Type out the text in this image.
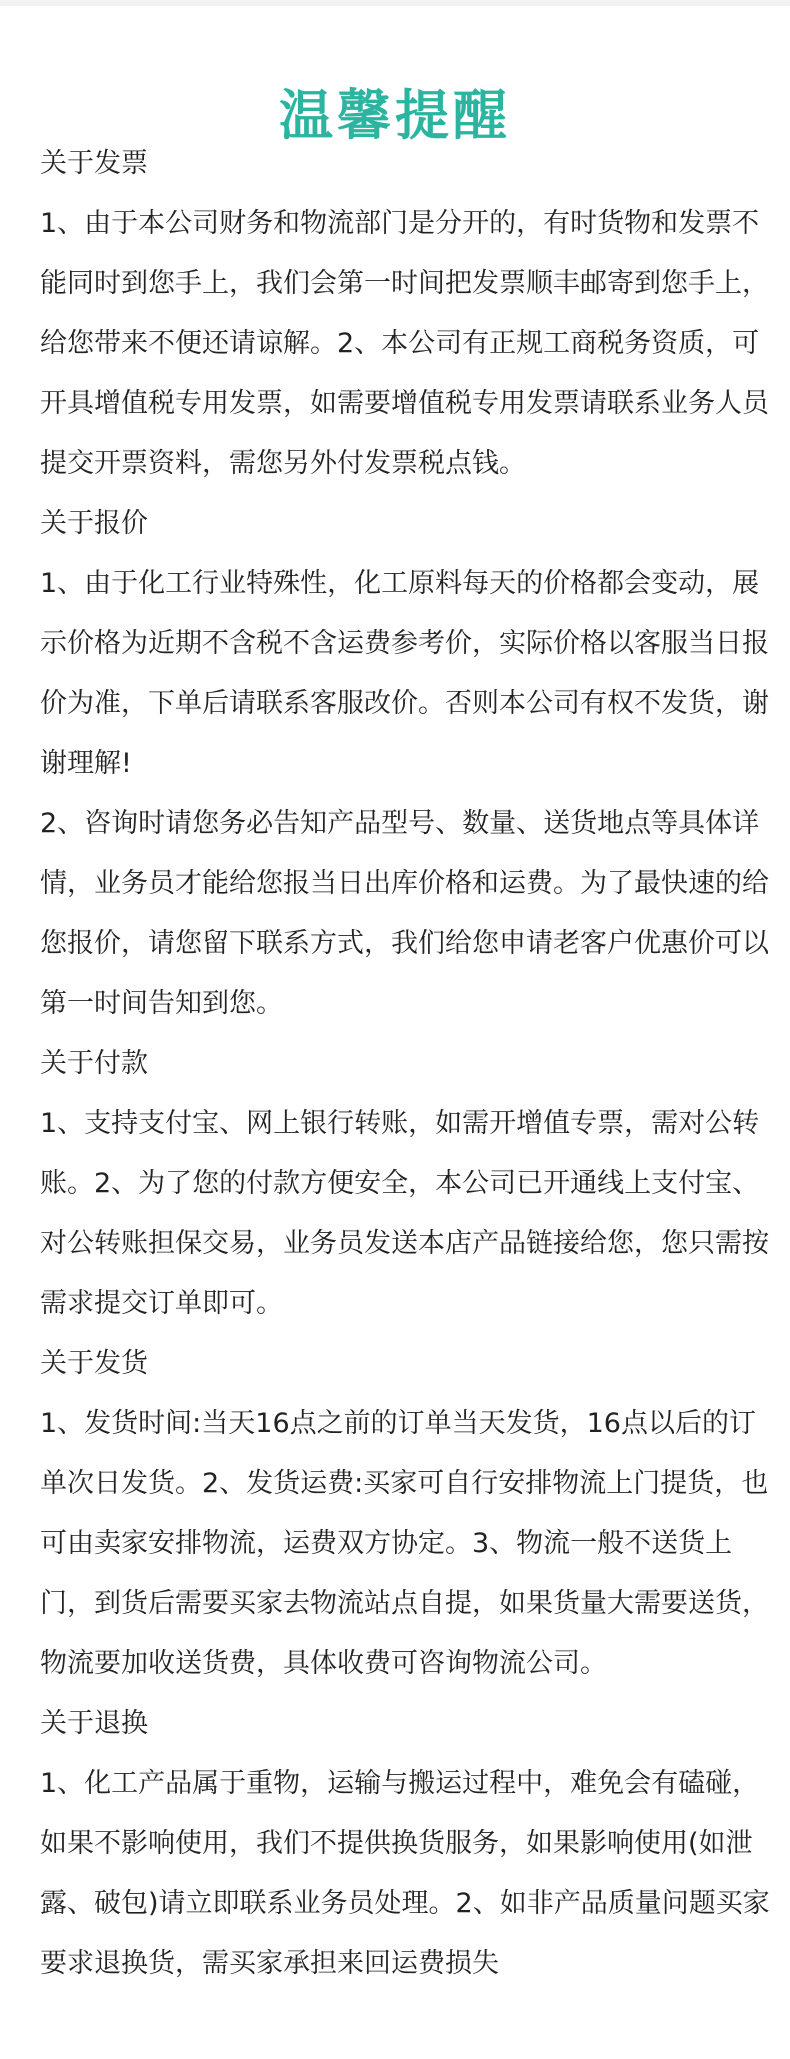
温馨提醒
关于发票

1、由于本公司财务和物流部门是分开的，有时货物和发票不能同时到您手上，我们会第一时间把发票顺丰邮寄到您手上，给您带来不便还请谅解。2、本公司有正规工商税务资质，可开具增值税专用发票，如需要增值税专用发票请联系业务人员提交开票资料，需您另外付发票税点钱。

关于报价

1、由于化工行业特殊性，化工原料每天的价格都会变动，展示价格为近期不含税不含运费参考价，实际价格以客服当日报价为准，下单后请联系客服改价。否则本公司有权不发货，谢谢理解!

2、咨询时请您务必告知产品型号、数量、送货地点等具体详情，业务员才能给您报当日出库价格和运费。为了最快速的给您报价，请您留下联系方式，我们给您申请老客户优惠价可以第一时间告知到您。

关于付款

1、支持支付宝、网上银行转账，如需开增值专票，需对公转账。2、为了您的付款方便安全，本公司已开通线上支付宝、对公转账担保交易，业务员发送本店产品链接给您，您只需按需求提交订单即可。

关于发货

1、发货时间:当天16点之前的订单当天发货，16点以后的订单次日发货。2、发货运费:买家可自行安排物流上门提货，也可由卖家安排物流，运费双方协定。3、物流一般不送货上门，到货后需要买家去物流站点自提，如果货量大需要送货，物流要加收送货费，具体收费可咨询物流公司。

关于退换

1、化工产品属于重物，运输与搬运过程中，难免会有磕碰，如果不影响使用，我们不提供换货服务，如果影响使用(如泄露、破包)请立即联系业务员处理。2、如非产品质量问题买家要求退换货，需买家承担来回运费损失
